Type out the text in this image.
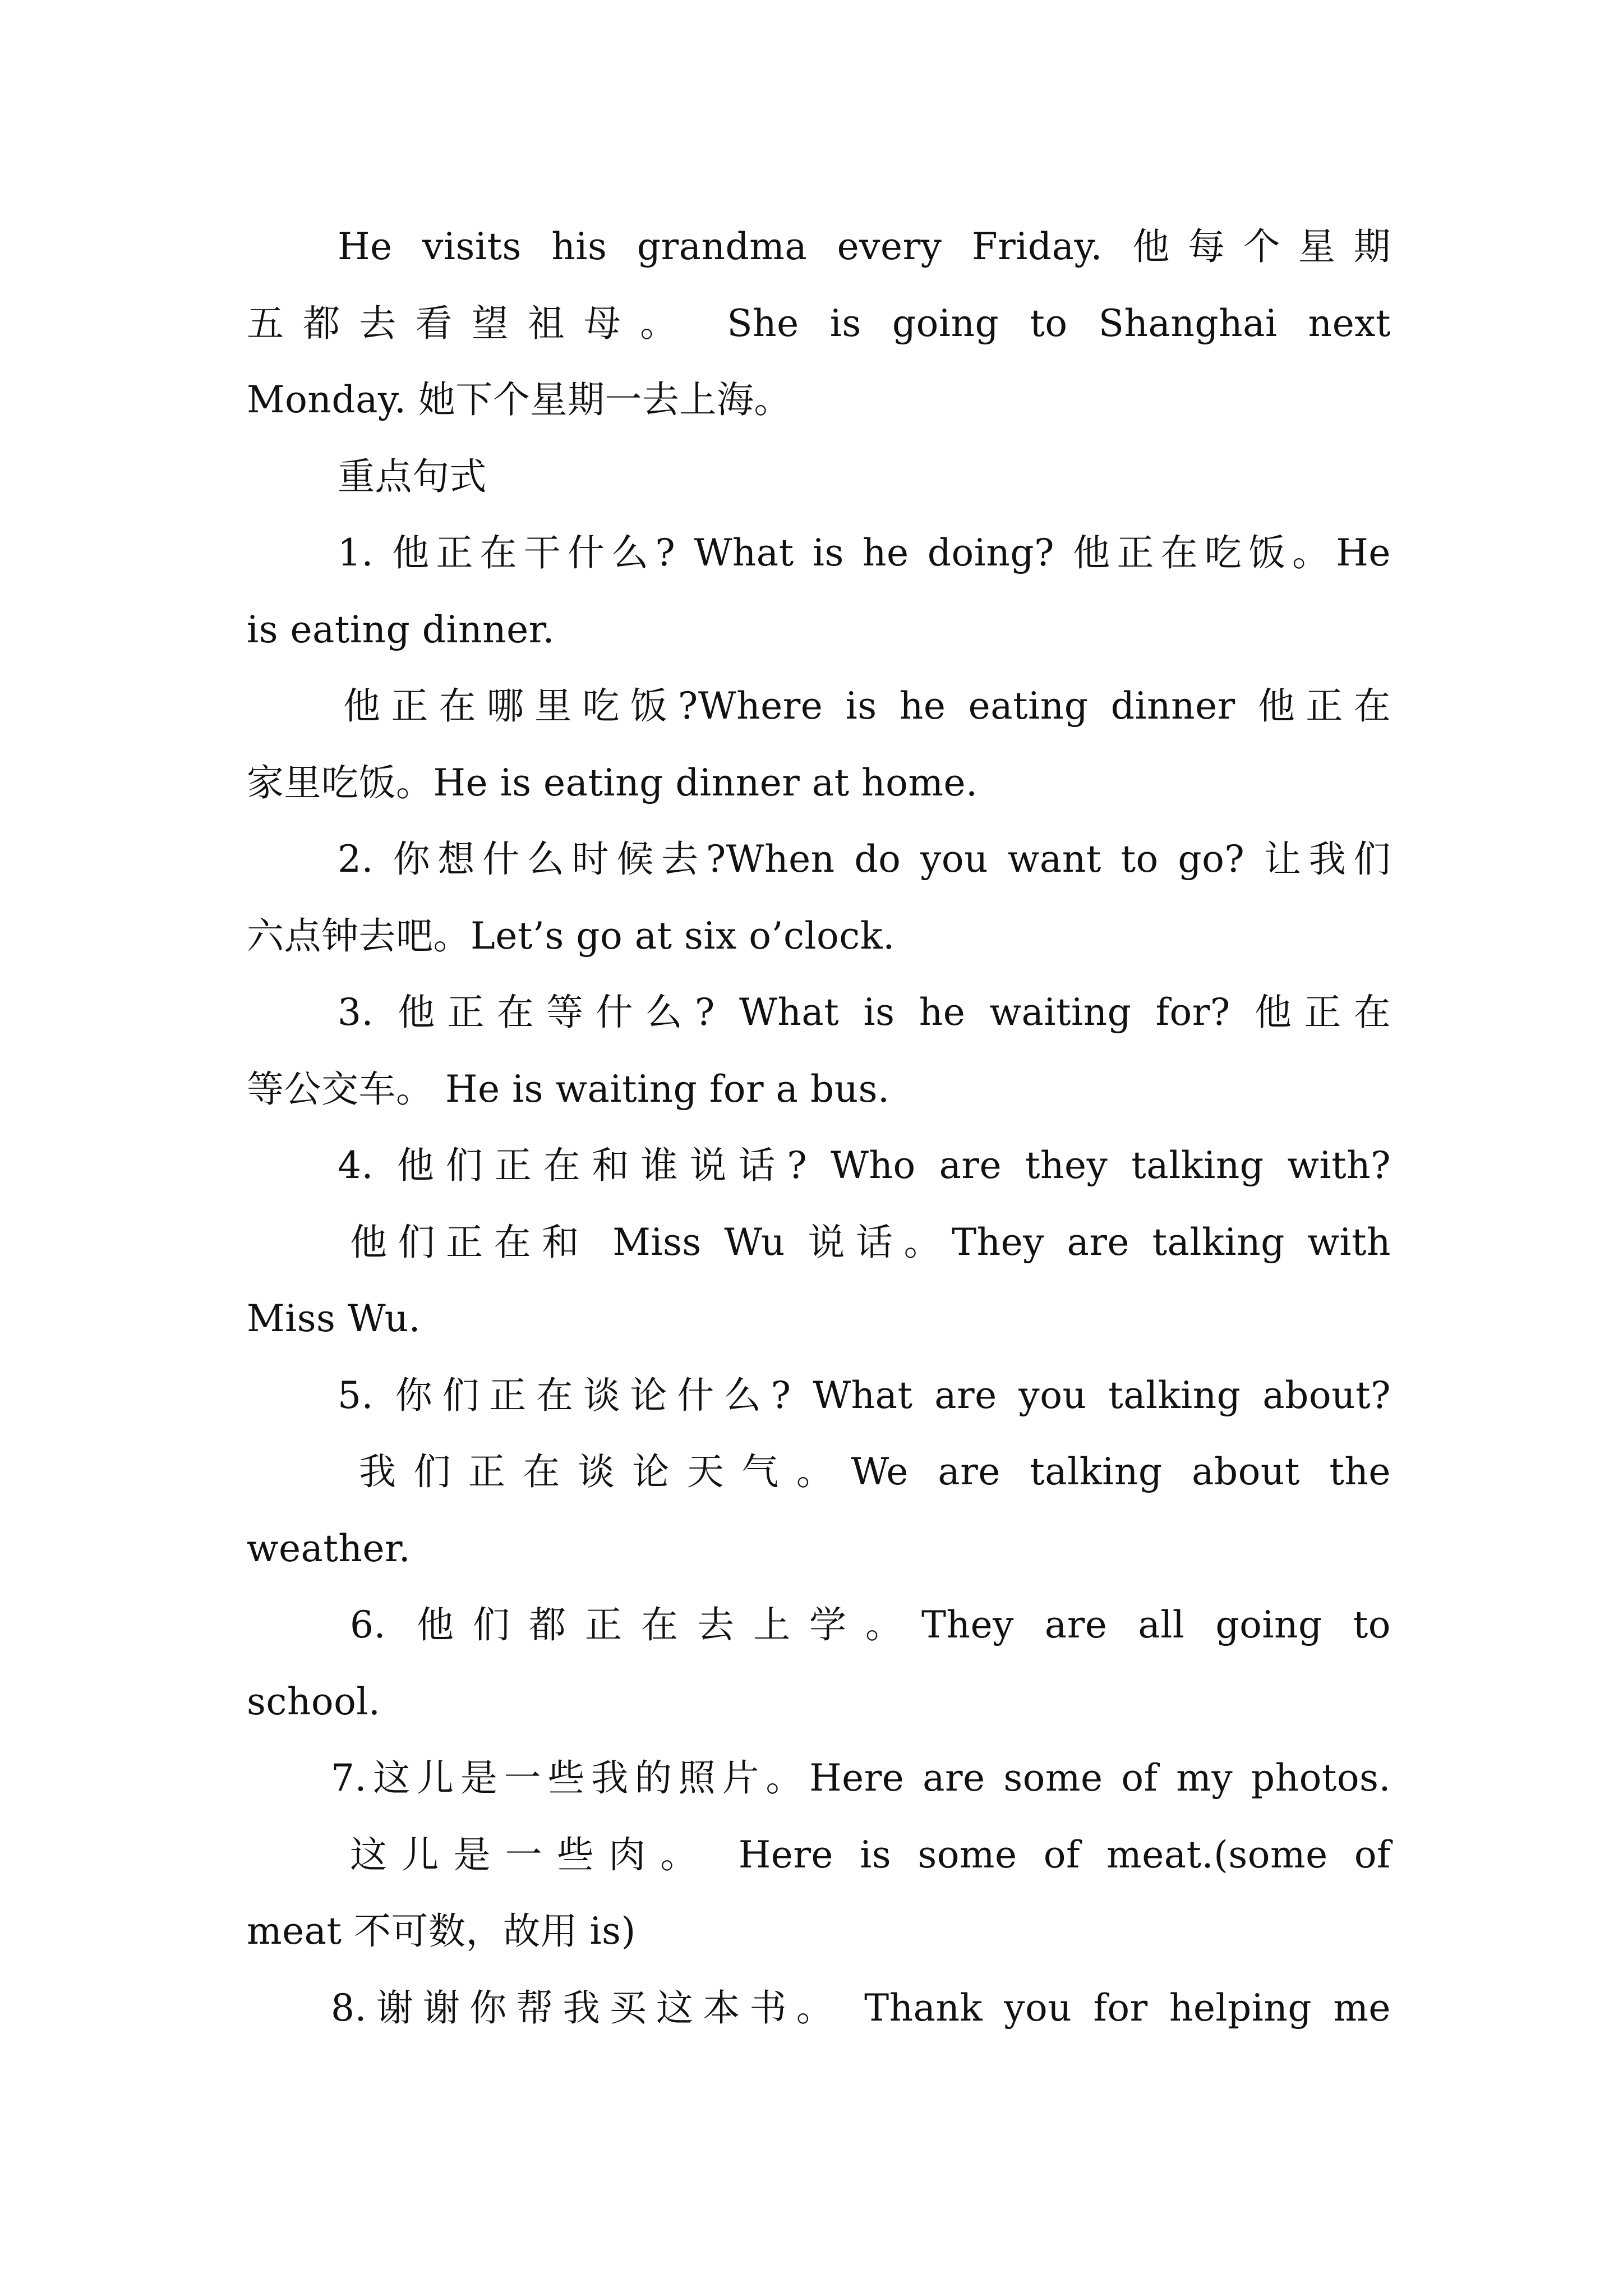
He visits his grandma every Friday. 他每个星期
五都去看望祖母。 She is going to Shanghai next
Monday. 她下个星期一去上海。
重点句式
1. 他正在干什么? What is he doing? 他正在吃饭。He
is eating dinner.
他正在哪里吃饭?Where is he eating dinner 他正在
家里吃饭。He is eating dinner at home.
2. 你想什么时候去?When do you want to go? 让我们
六点钟去吧。Let’s go at six o’clock.
3. 他正在等什么? What is he waiting for? 他正在
等公交车。 He is waiting for a bus.
4. 他们正在和谁说话? Who are they talking with?
他们正在和 Miss Wu 说话。They are talking with
Miss Wu.
5. 你们正在谈论什么? What are you talking about?
我们正在谈论天气。We are talking about the
weather.
6. 他们都正在去上学。They are all going to
school.
7.这儿是一些我的照片。Here are some of my photos.
这儿是一些肉。 Here is some of meat.(some of
meat 不可数，故用 is)
8.谢谢你帮我买这本书。 Thank you for helping me
